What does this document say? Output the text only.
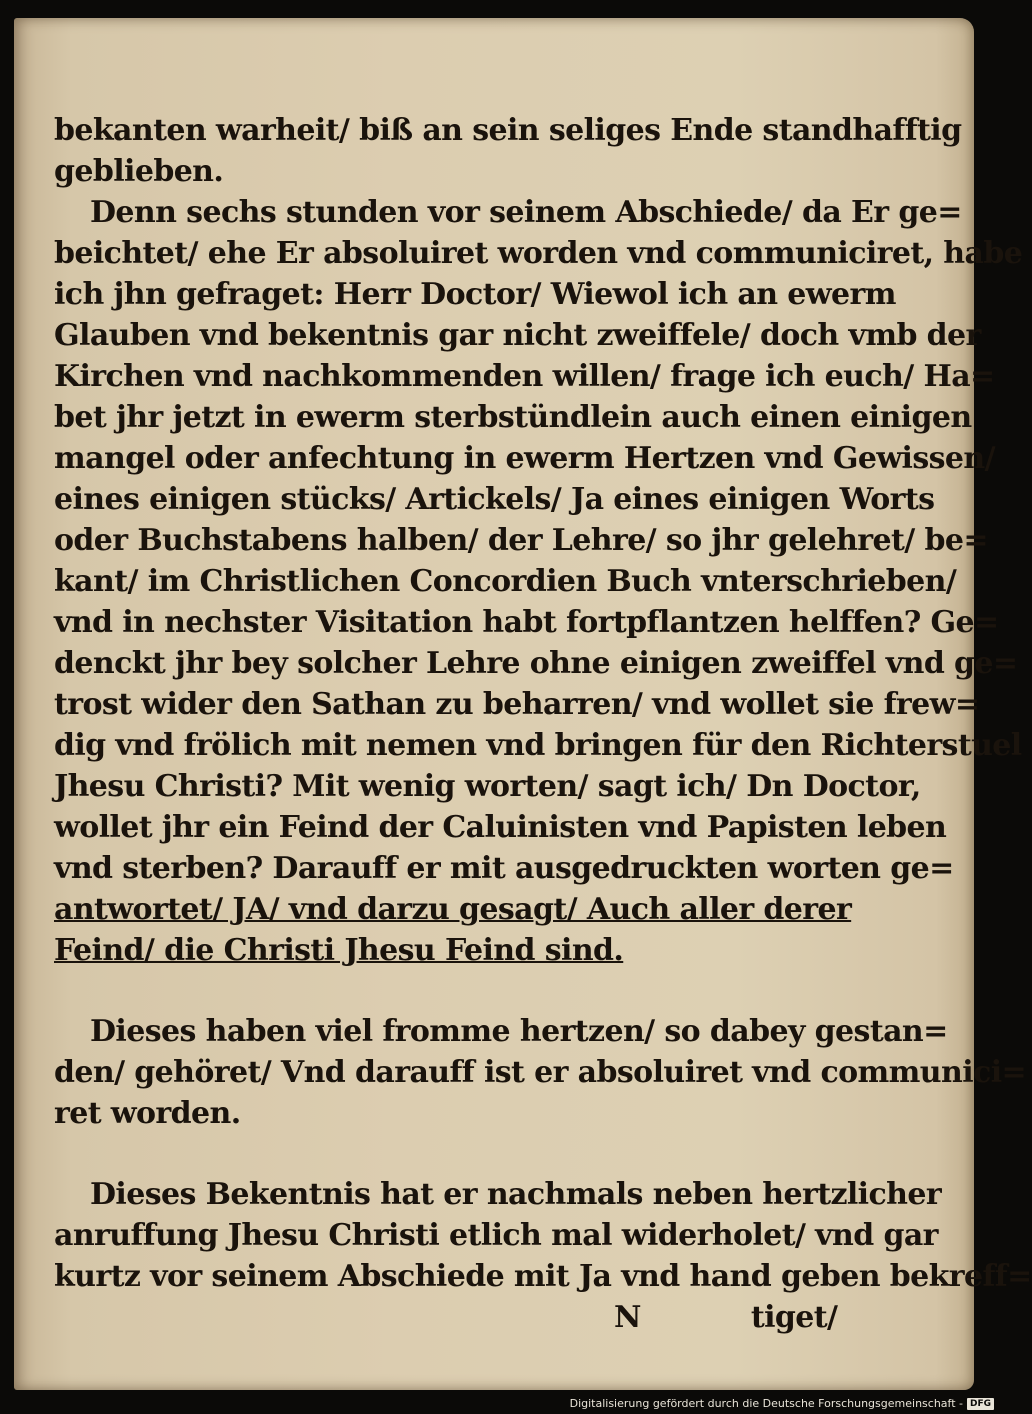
bekanten warheit/ biß an sein seliges Ende standhafftig
geblieben.
Denn sechs stunden vor seinem Abschiede/ da Er ge=
beichtet/ ehe Er absoluiret worden vnd communiciret, habe
ich jhn gefraget: Herr Doctor/ Wiewol ich an ewerm
Glauben vnd bekentnis gar nicht zweiffele/ doch vmb der
Kirchen vnd nachkommenden willen/ frage ich euch/ Ha=
bet jhr jetzt in ewerm sterbstündlein auch einen einigen
mangel oder anfechtung in ewerm Hertzen vnd Gewissen/
eines einigen stücks/ Artickels/ Ja eines einigen Worts
oder Buchstabens halben/ der Lehre/ so jhr gelehret/ be=
kant/ im Christlichen Concordien Buch vnterschrieben/
vnd in nechster Visitation habt fortpflantzen helffen? Ge=
denckt jhr bey solcher Lehre ohne einigen zweiffel vnd ge=
trost wider den Sathan zu beharren/ vnd wollet sie frew=
dig vnd frölich mit nemen vnd bringen für den Richterstuel
Jhesu Christi? Mit wenig worten/ sagt ich/ Dn Doctor,
wollet jhr ein Feind der Caluinisten vnd Papisten leben
vnd sterben? Darauff er mit ausgedruckten worten ge=
antwortet/ JA/ vnd darzu gesagt/ Auch aller derer
Feind/ die Christi Jhesu Feind sind.
Dieses haben viel fromme hertzen/ so dabey gestan=
den/ gehöret/ Vnd darauff ist er absoluiret vnd communici=
ret worden.
Dieses Bekentnis hat er nachmals neben hertzlicher
anruffung Jhesu Christi etlich mal widerholet/ vnd gar
kurtz vor seinem Abschiede mit Ja vnd hand geben bekreff=
N	tiget/
Digitalisierung gefördert durch die Deutsche Forschungsgemeinschaft - DFG
